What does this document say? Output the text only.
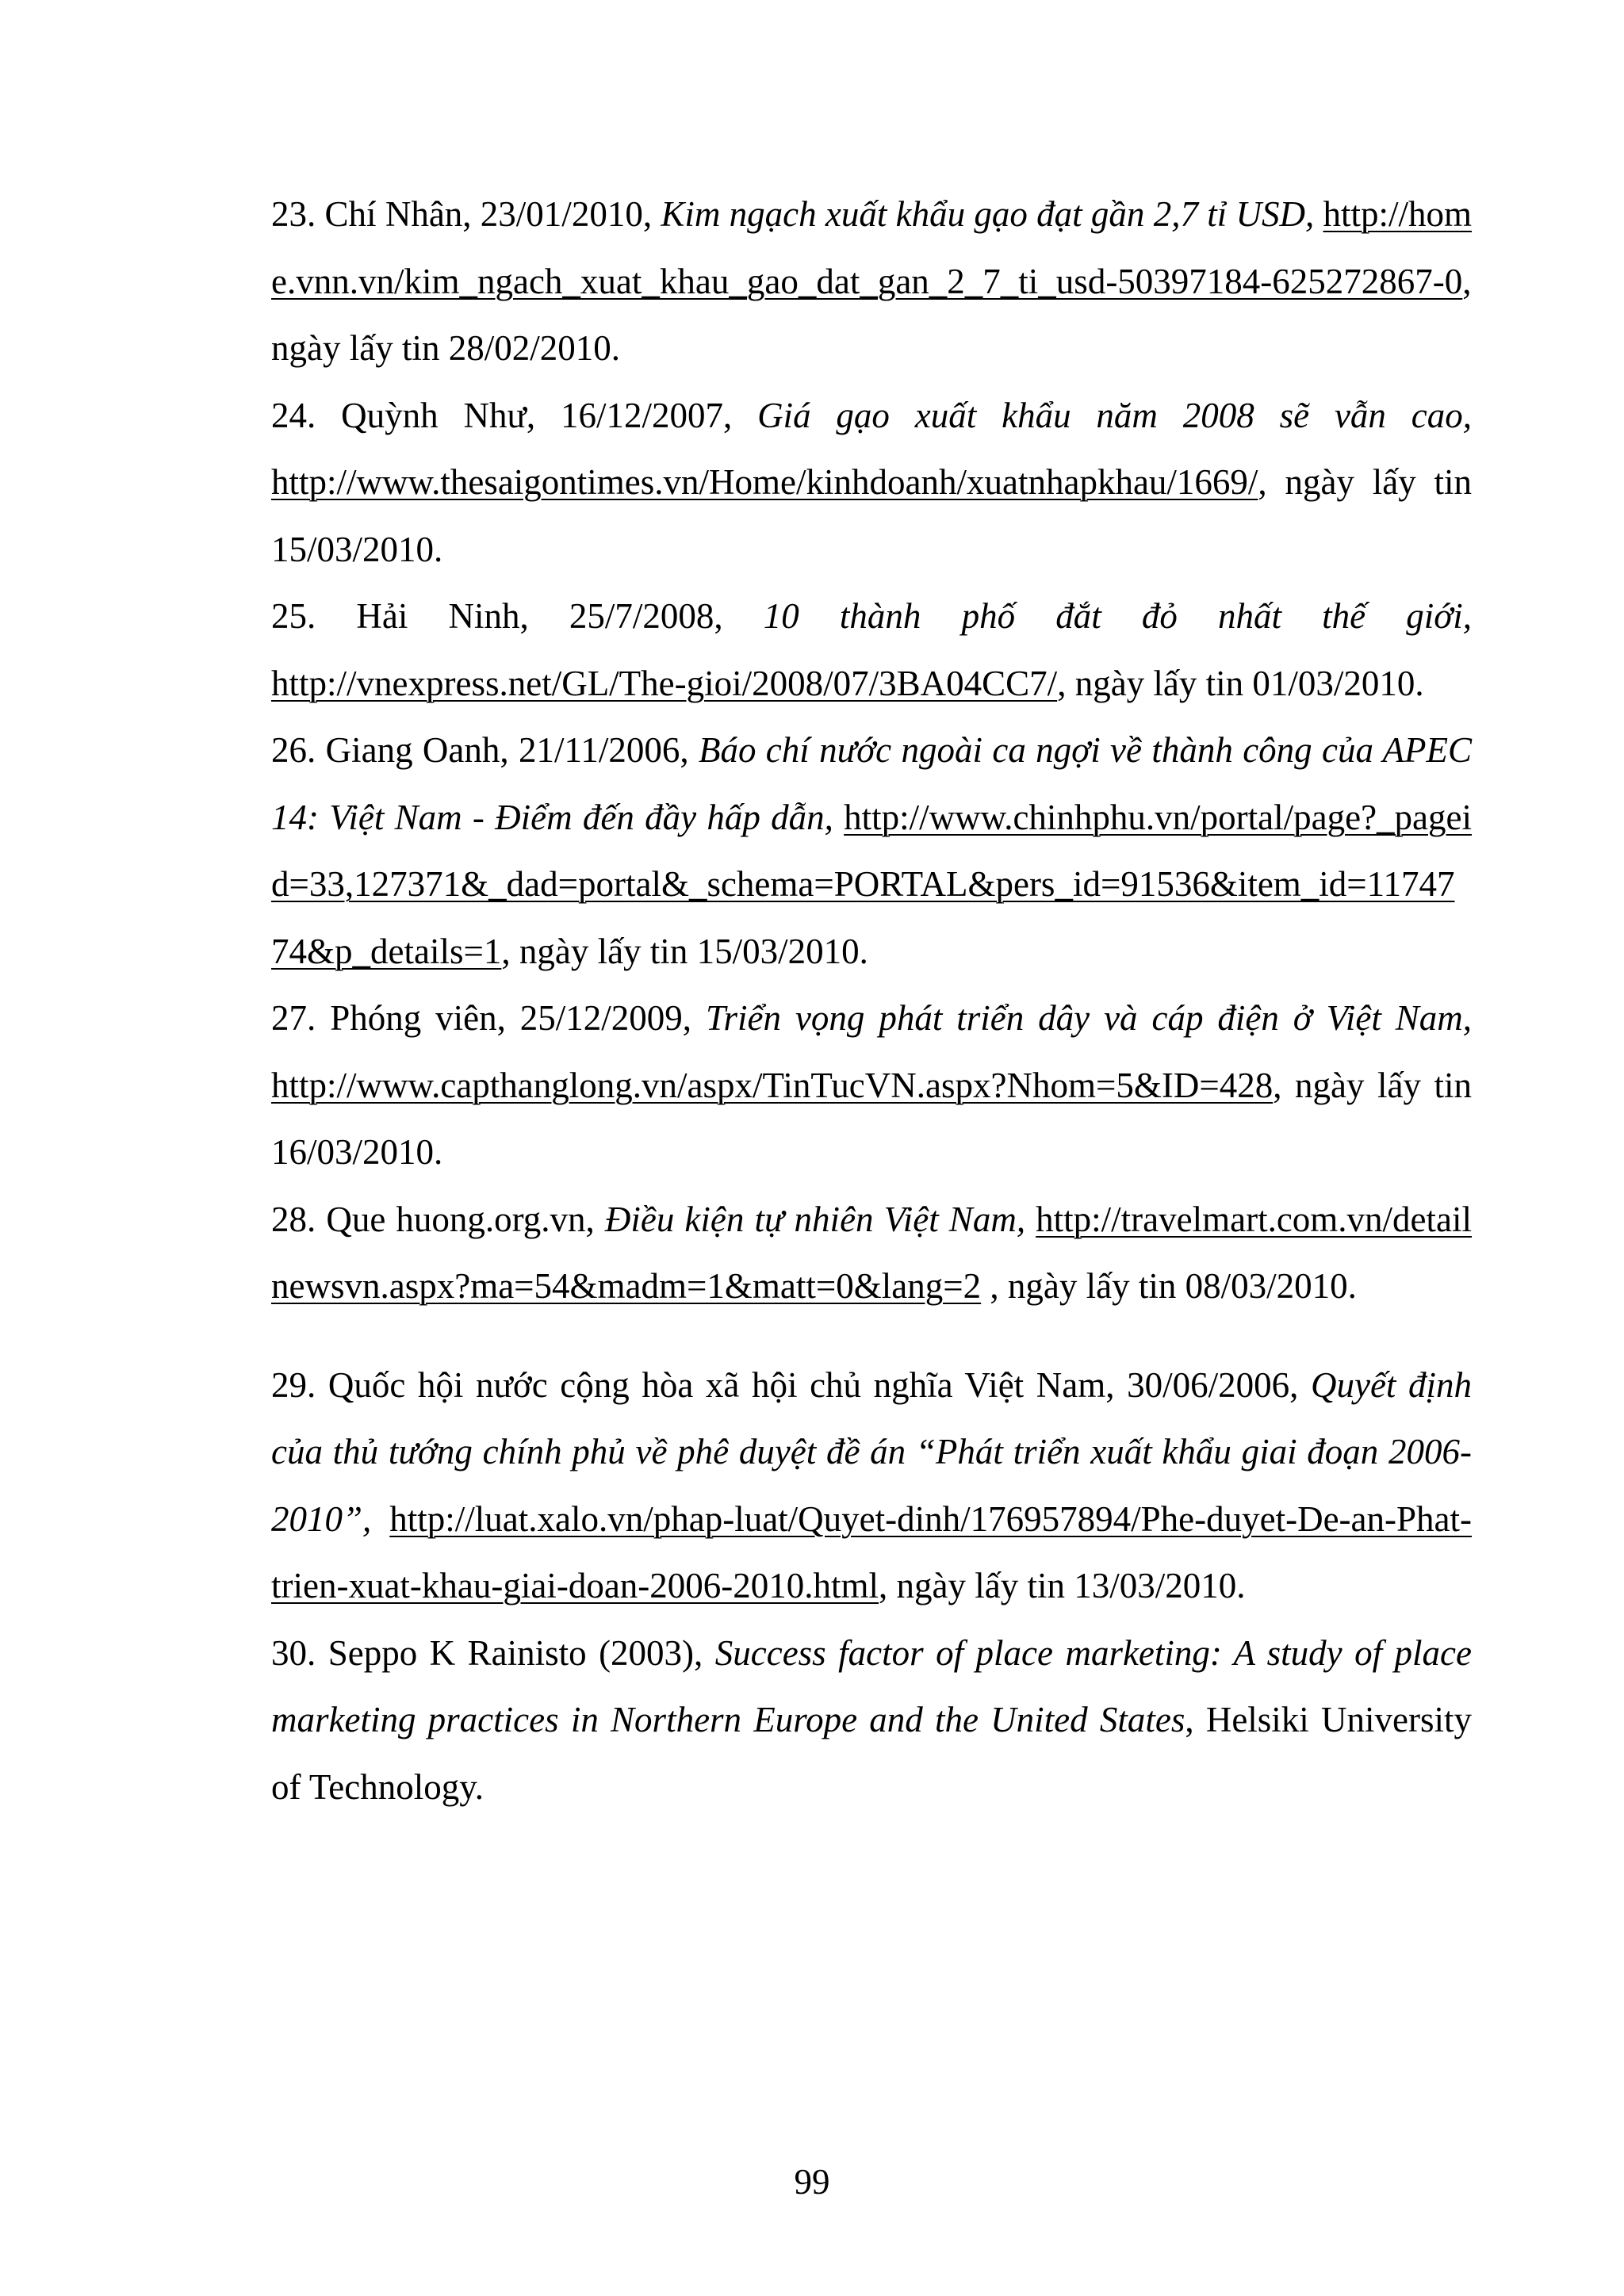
23. Chí Nhân, 23/01/2010, Kim ngạch xuất khẩu gạo đạt gần 2,7 tỉ USD, http://home.vnn.vn/kim_ngach_xuat_khau_gao_dat_gan_2_7_ti_usd-50397184-625272867-0, ngày lấy tin 28/02/2010.

24. Quỳnh Như, 16/12/2007, Giá gạo xuất khẩu năm 2008 sẽ vẫn cao, http://www.thesaigontimes.vn/Home/kinhdoanh/xuatnhapkhau/1669/, ngày lấy tin 15/03/2010.

25. Hải Ninh, 25/7/2008, 10 thành phố đắt đỏ nhất thế giới, http://vnexpress.net/GL/The-gioi/2008/07/3BA04CC7/, ngày lấy tin 01/03/2010.

26. Giang Oanh, 21/11/2006, Báo chí nước ngoài ca ngợi về thành công của APEC 14: Việt Nam - Điểm đến đầy hấp dẫn, http://www.chinhphu.vn/portal/page?_pageid=33,127371&_dad=portal&_schema=PORTAL&pers_id=91536&item_id=1174774&p_details=1, ngày lấy tin 15/03/2010.

27. Phóng viên, 25/12/2009, Triển vọng phát triển dây và cáp điện ở Việt Nam, http://www.capthanglong.vn/aspx/TinTucVN.aspx?Nhom=5&ID=428, ngày lấy tin 16/03/2010.

28. Que huong.org.vn, Điều kiện tự nhiên Việt Nam, http://travelmart.com.vn/detailnewsvn.aspx?ma=54&madm=1&matt=0&lang=2 , ngày lấy tin 08/03/2010.

29. Quốc hội nước cộng hòa xã hội chủ nghĩa Việt Nam, 30/06/2006, Quyết định của thủ tướng chính phủ về phê duyệt đề án “Phát triển xuất khẩu giai đoạn 2006-2010”, http://luat.xalo.vn/phap-luat/Quyet-dinh/176957894/Phe-duyet-De-an-Phat-trien-xuat-khau-giai-doan-2006-2010.html, ngày lấy tin 13/03/2010.

30. Seppo K Rainisto (2003), Success factor of place marketing: A study of place marketing practices in Northern Europe and the United States, Helsiki University of Technology.

99
